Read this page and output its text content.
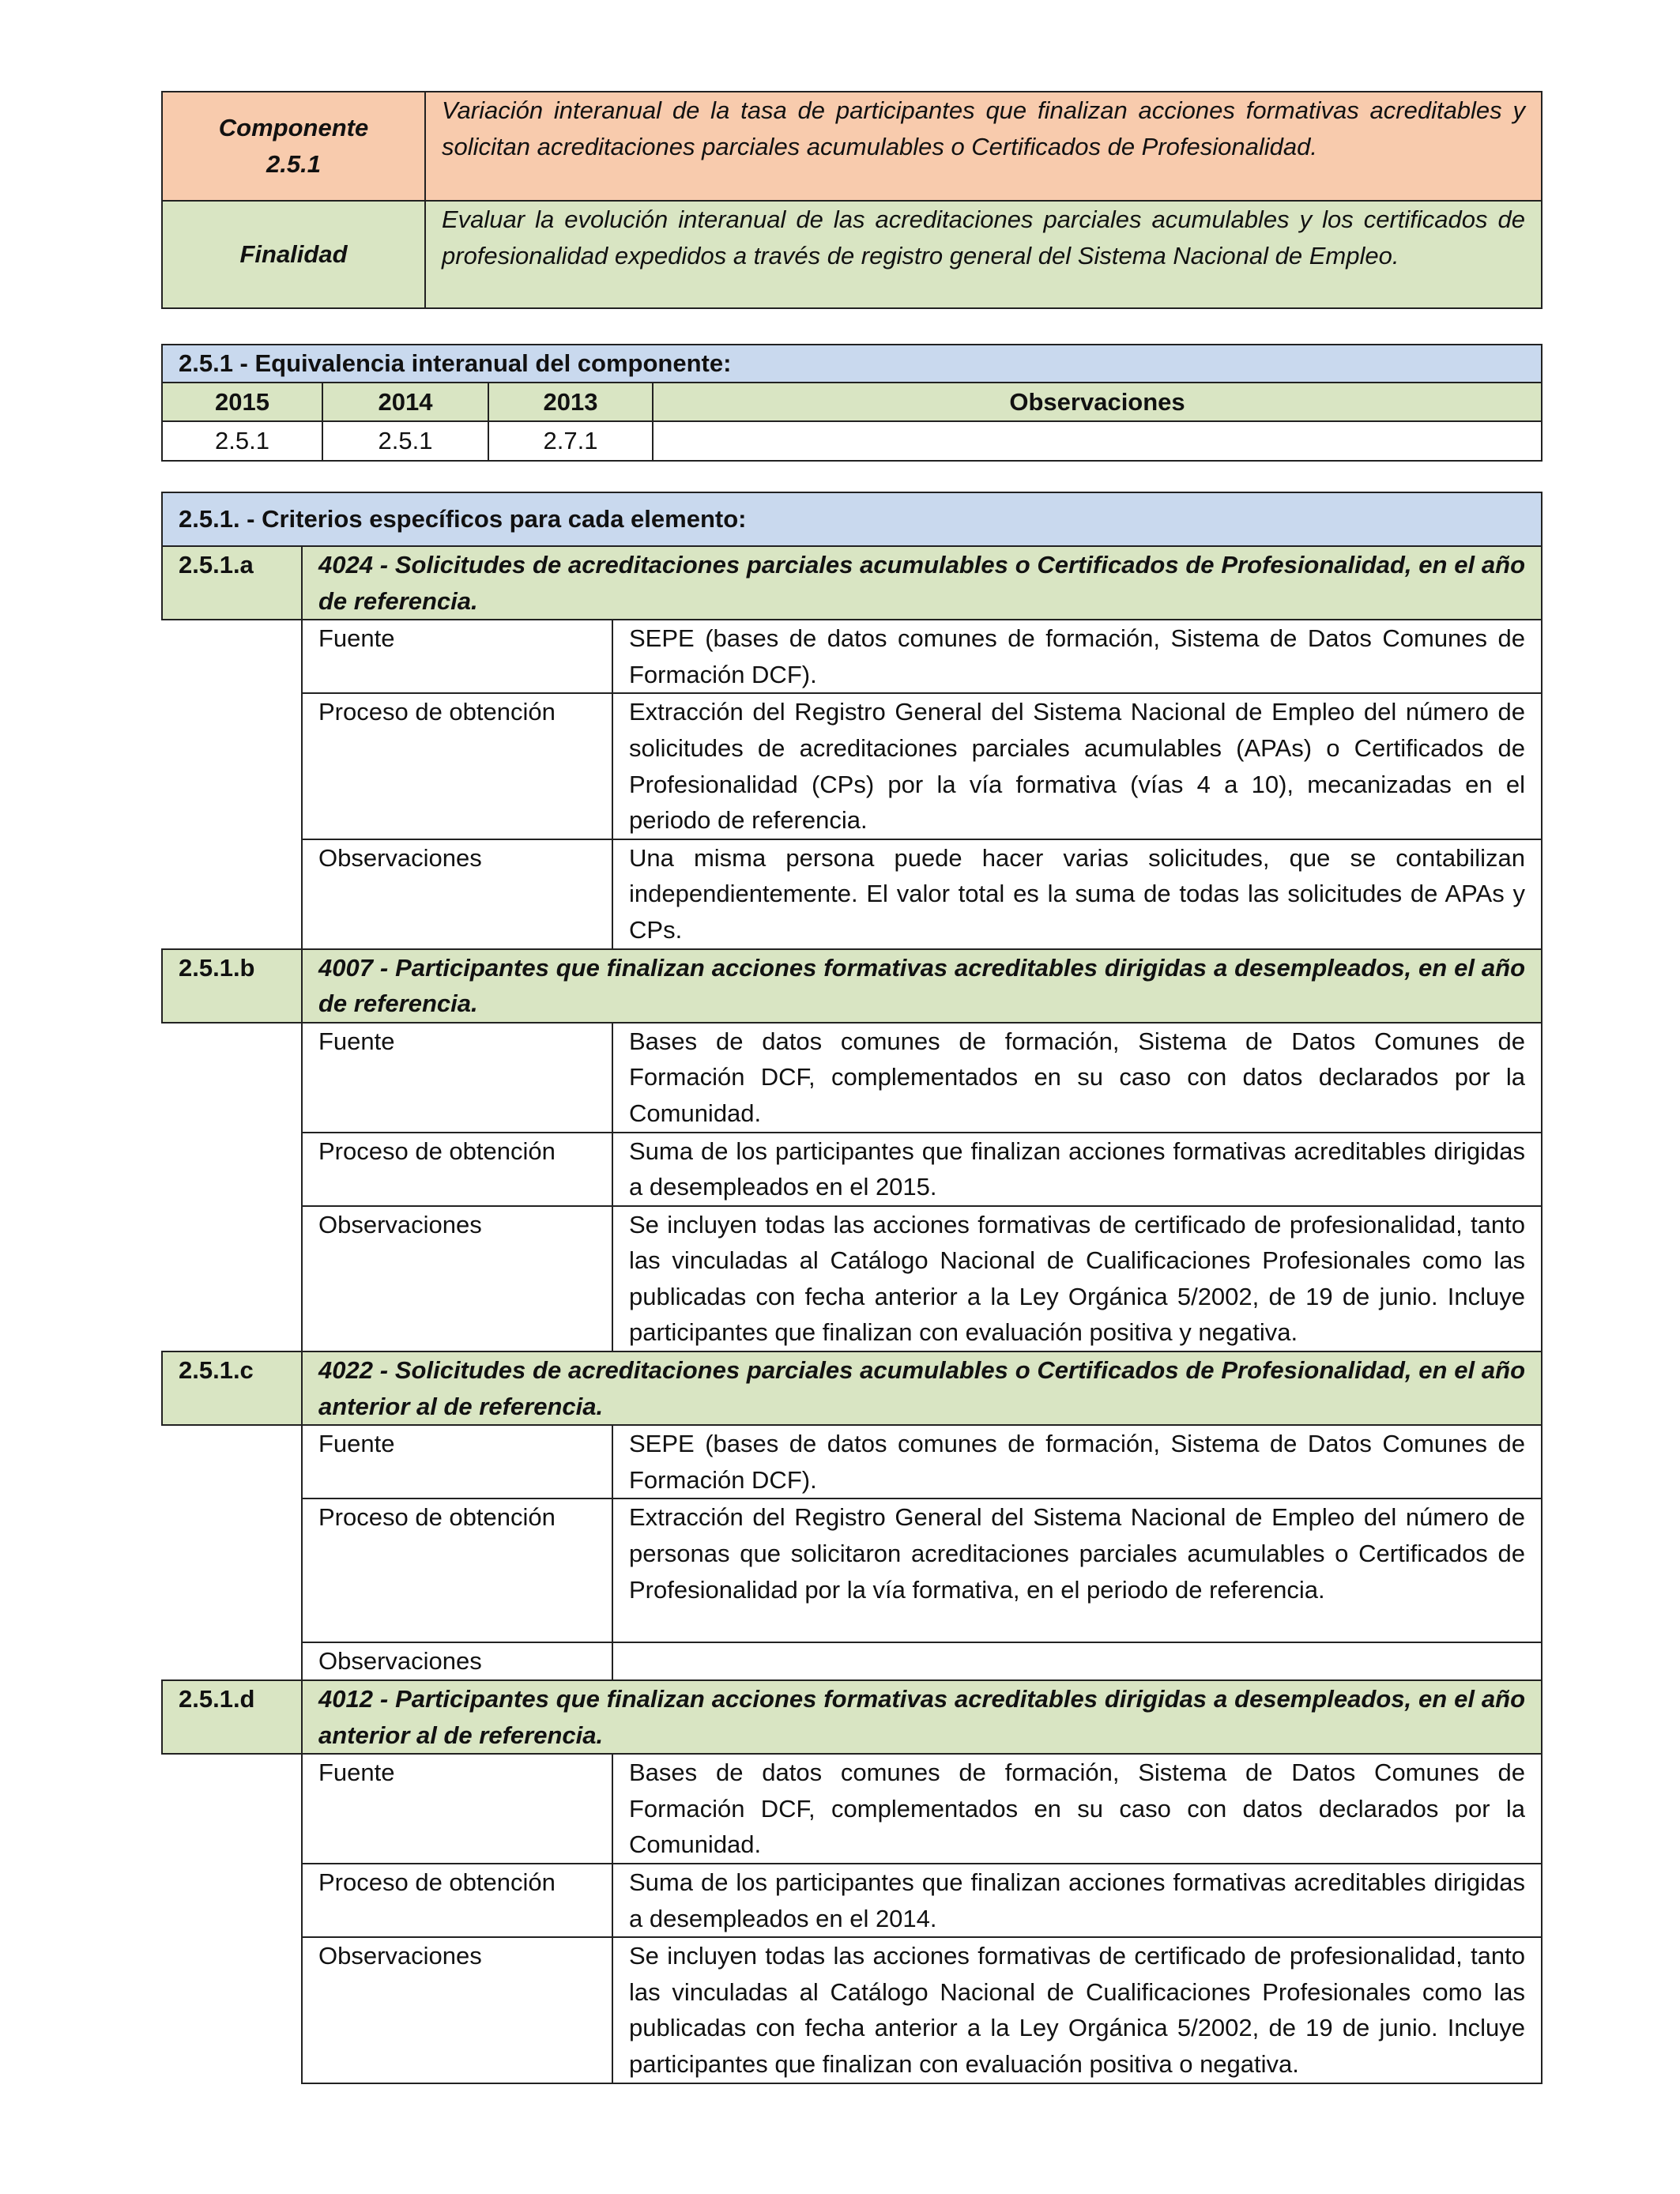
Componente
2.5.1	Variación interanual de la tasa de participantes que finalizan acciones formativas acreditables y solicitan acreditaciones parciales acumulables o Certificados de Profesionalidad.
Finalidad	Evaluar la evolución interanual de las acreditaciones parciales acumulables y los certificados de profesionalidad expedidos a través de registro general del Sistema Nacional de Empleo.
2.5.1 - Equivalencia interanual del componente:			
2015	2014	2013	Observaciones
2.5.1	2.5.1	2.7.1	
2.5.1. - Criterios específicos para cada elemento:		
2.5.1.a	4024 - Solicitudes de acreditaciones parciales acumulables o Certificados de Profesionalidad, en el año de referencia.	
	Fuente	SEPE (bases de datos comunes de formación, Sistema de Datos Comunes de Formación DCF).
	Proceso de obtención	Extracción del Registro General del Sistema Nacional de Empleo del número de solicitudes de acreditaciones parciales acumulables (APAs) o Certificados de Profesionalidad (CPs) por la vía formativa (vías 4 a 10), mecanizadas en el periodo de referencia.
	Observaciones	Una misma persona puede hacer varias solicitudes, que se contabilizan independientemente. El valor total es la suma de todas las solicitudes de APAs y CPs.
2.5.1.b	4007 - Participantes que finalizan acciones formativas acreditables dirigidas a desempleados, en el año de referencia.	
	Fuente	Bases de datos comunes de formación, Sistema de Datos Comunes de Formación DCF, complementados en su caso con datos declarados por la Comunidad.
	Proceso de obtención	Suma de los participantes que finalizan acciones formativas acreditables dirigidas a desempleados en el 2015.
	Observaciones	Se incluyen todas las acciones formativas de certificado de profesionalidad, tanto las vinculadas al Catálogo Nacional de Cualificaciones Profesionales como las publicadas con fecha anterior a la Ley Orgánica 5/2002, de 19 de junio. Incluye participantes que finalizan con evaluación positiva y negativa.
2.5.1.c	4022 - Solicitudes de acreditaciones parciales acumulables o Certificados de Profesionalidad, en el año anterior al de referencia.	
	Fuente	SEPE (bases de datos comunes de formación, Sistema de Datos Comunes de Formación DCF).
	Proceso de obtención	Extracción del Registro General del Sistema Nacional de Empleo del número de personas que solicitaron acreditaciones parciales acumulables o Certificados de Profesionalidad por la vía formativa, en el periodo de referencia.
	Observaciones	
2.5.1.d	4012 - Participantes que finalizan acciones formativas acreditables dirigidas a desempleados, en el año anterior al de referencia.	
	Fuente	Bases de datos comunes de formación, Sistema de Datos Comunes de Formación DCF, complementados en su caso con datos declarados por la Comunidad.
	Proceso de obtención	Suma de los participantes que finalizan acciones formativas acreditables dirigidas a desempleados en el 2014.
	Observaciones	Se incluyen todas las acciones formativas de certificado de profesionalidad, tanto las vinculadas al Catálogo Nacional de Cualificaciones Profesionales como las publicadas con fecha anterior a la Ley Orgánica 5/2002, de 19 de junio. Incluye participantes que finalizan con evaluación positiva o negativa.
